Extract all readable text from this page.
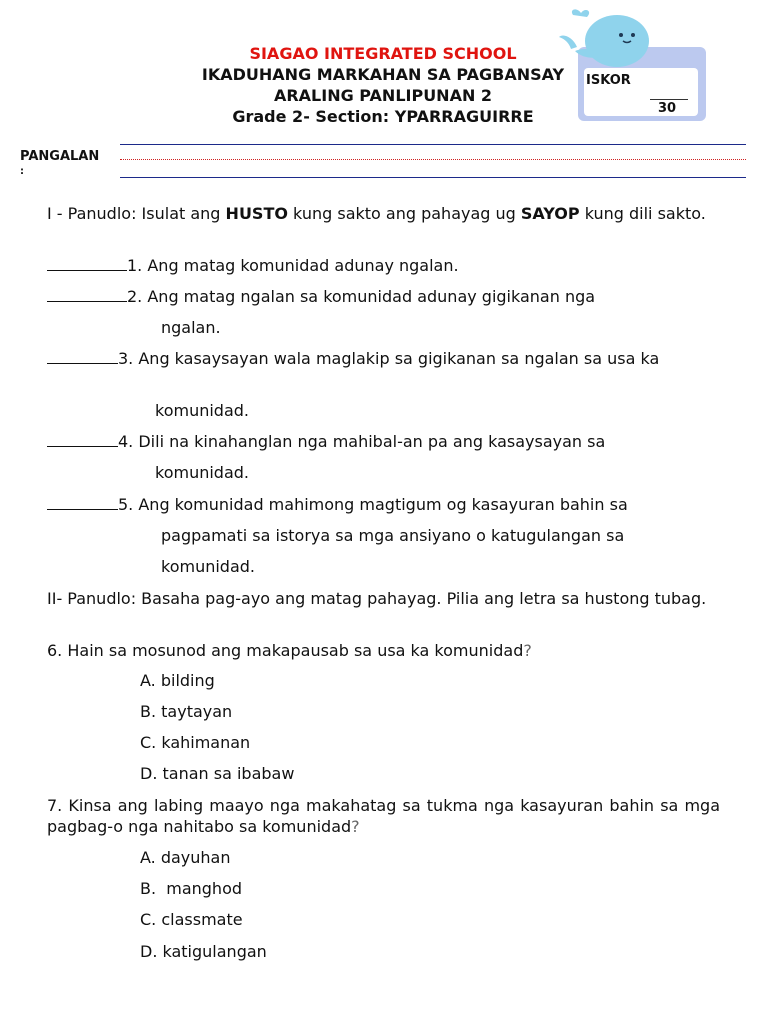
SIAGAO INTEGRATED SCHOOL
IKADUHANG MARKAHAN SA PAGBANSAY
ARALING PANLIPUNAN 2
Grade 2- Section: YPARRAGUIRRE
ISKOR
30
PANGALAN
:
I - Panudlo: Isulat ang HUSTO kung sakto ang pahayag ug SAYOP kung dili sakto.
1. Ang matag komunidad adunay ngalan.
2. Ang matag ngalan sa komunidad adunay gigikanan nga
ngalan.
3. Ang kasaysayan wala maglakip sa gigikanan sa ngalan sa usa ka
komunidad.
4. Dili na kinahanglan nga mahibal-an pa ang kasaysayan sa
komunidad.
5. Ang komunidad mahimong magtigum og kasayuran bahin sa
pagpamati sa istorya sa mga ansiyano o katugulangan sa
komunidad.
II- Panudlo: Basaha pag-ayo ang matag pahayag. Pilia ang letra sa hustong tubag.
6. Hain sa mosunod ang makapausab sa usa ka komunidad?
A. bilding
B. taytayan
C. kahimanan
D. tanan sa ibabaw
7. Kinsa ang labing maayo nga makahatag sa tukma nga kasayuran bahin sa mga pagbag-o nga nahitabo sa komunidad?
A. dayuhan
B.  manghod
C. classmate
D. katigulangan
